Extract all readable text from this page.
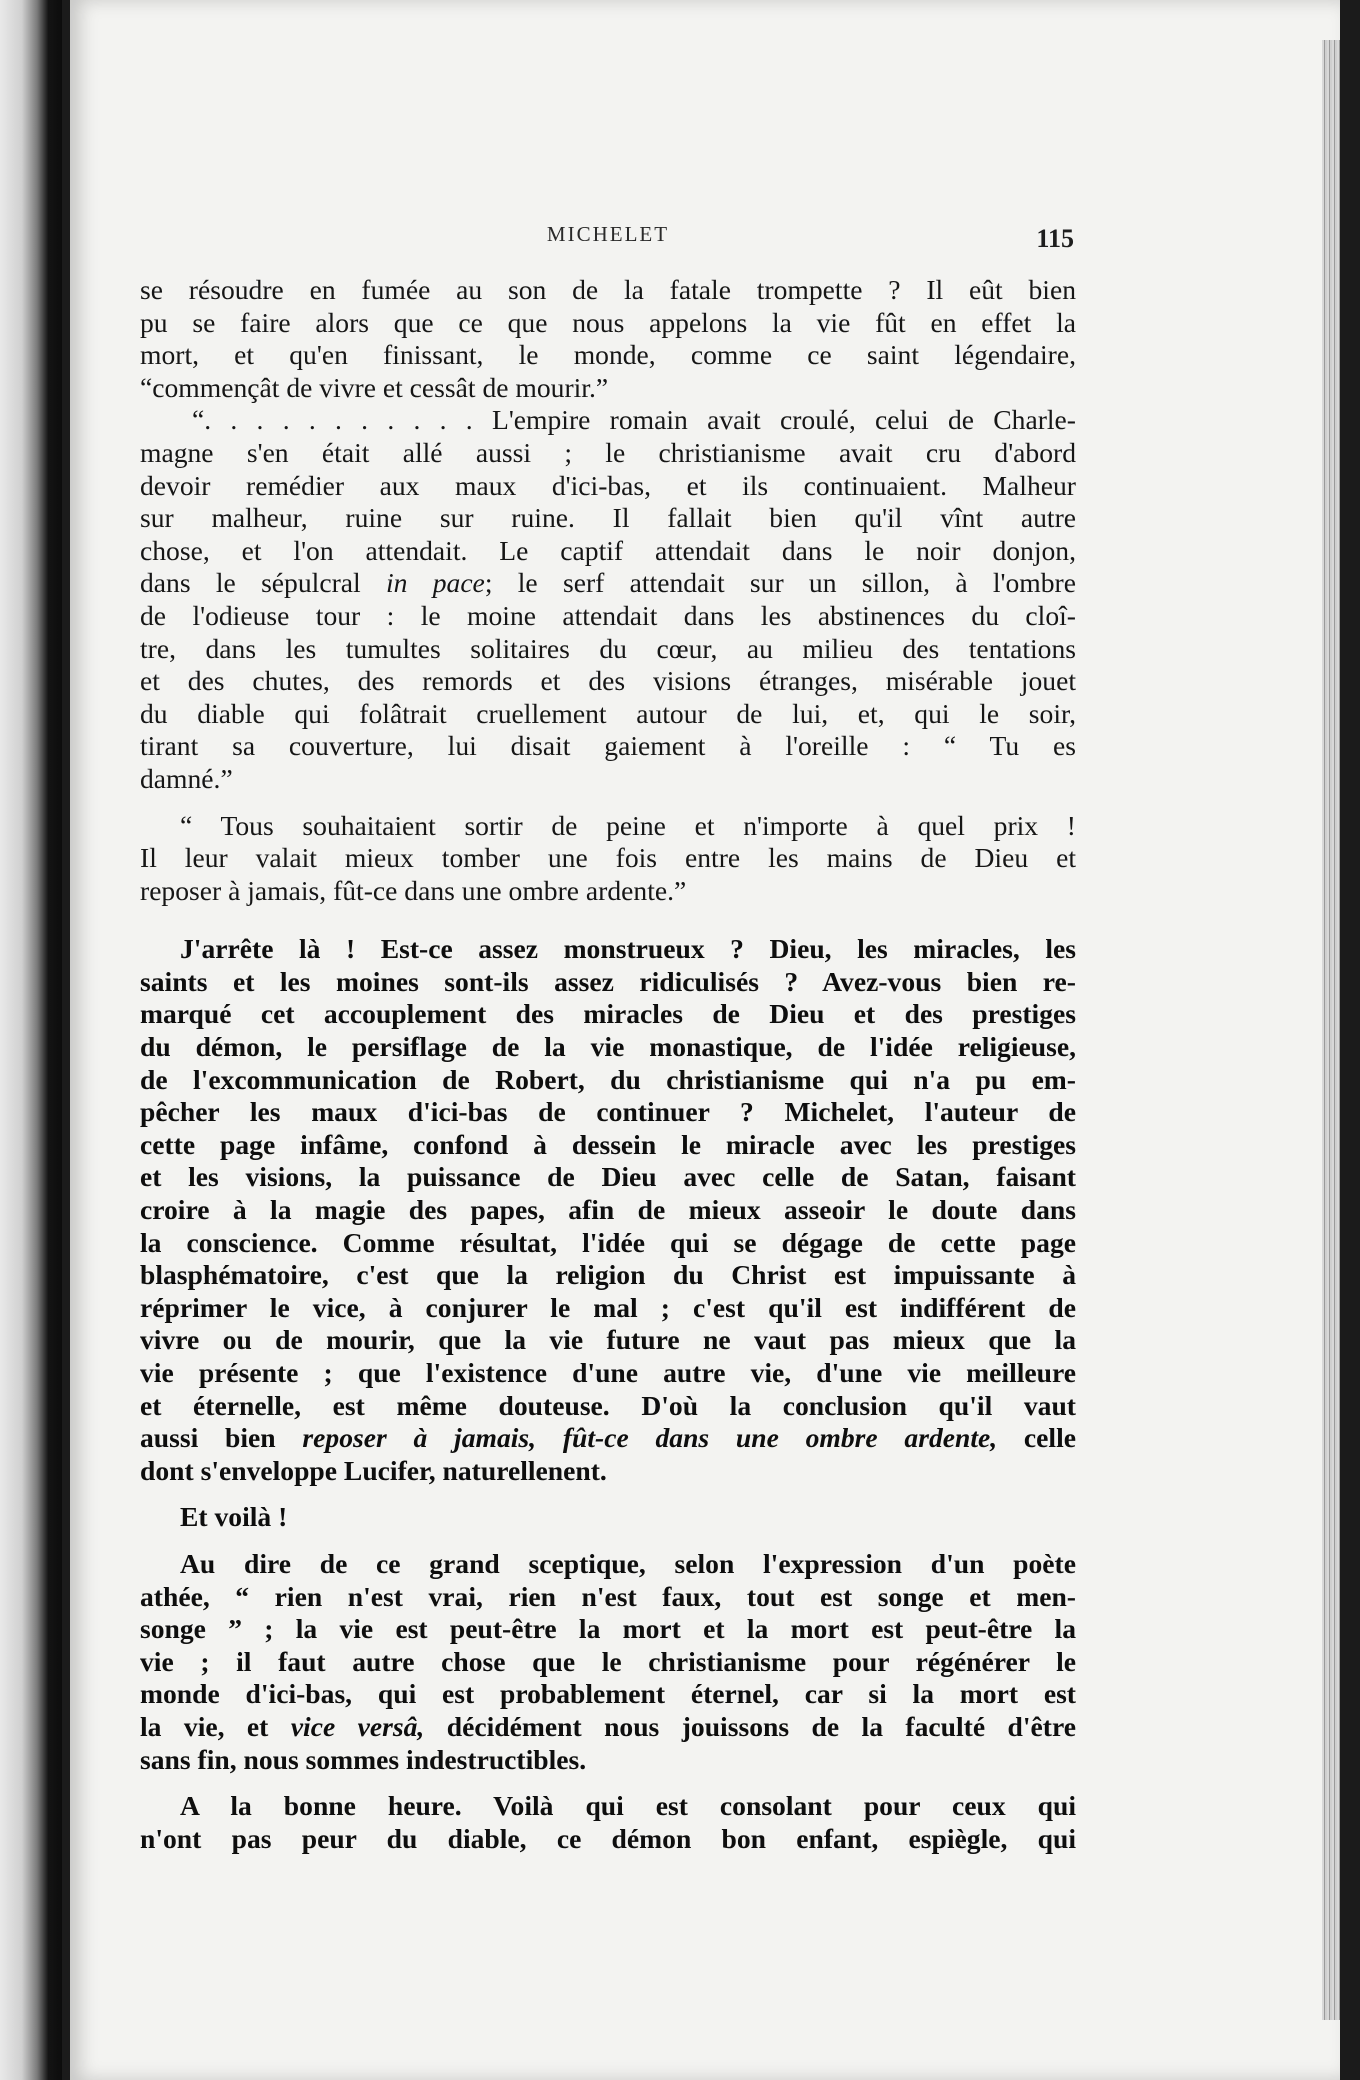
MICHELET	115
se résoudre en fumée au son de la fatale trompette ? Il eût bien
pu se faire alors que ce que nous appelons la vie fût en effet la
mort, et qu'en finissant, le monde, comme ce saint légendaire,
“commençât de vivre et cessât de mourir.”
“. . . . . . . . . . . L'empire romain avait croulé, celui de Charle-
magne s'en était allé aussi ; le christianisme avait cru d'abord
devoir remédier aux maux d'ici-bas, et ils continuaient. Malheur
sur malheur, ruine sur ruine. Il fallait bien qu'il vînt autre
chose, et l'on attendait. Le captif attendait dans le noir donjon,
dans le sépulcral in pace; le serf attendait sur un sillon, à l'ombre
de l'odieuse tour : le moine attendait dans les abstinences du cloî-
tre, dans les tumultes solitaires du cœur, au milieu des tentations
et des chutes, des remords et des visions étranges, misérable jouet
du diable qui folâtrait cruellement autour de lui, et, qui le soir,
tirant sa couverture, lui disait gaiement à l'oreille : “ Tu es
damné.”
“ Tous souhaitaient sortir de peine et n'importe à quel prix !
Il leur valait mieux tomber une fois entre les mains de Dieu et
reposer à jamais, fût-ce dans une ombre ardente.”
J'arrête là ! Est-ce assez monstrueux ? Dieu, les miracles, les
saints et les moines sont-ils assez ridiculisés ? Avez-vous bien re-
marqué cet accouplement des miracles de Dieu et des prestiges
du démon, le persiflage de la vie monastique, de l'idée religieuse,
de l'excommunication de Robert, du christianisme qui n'a pu em-
pêcher les maux d'ici-bas de continuer ? Michelet, l'auteur de
cette page infâme, confond à dessein le miracle avec les prestiges
et les visions, la puissance de Dieu avec celle de Satan, faisant
croire à la magie des papes, afin de mieux asseoir le doute dans
la conscience. Comme résultat, l'idée qui se dégage de cette page
blasphématoire, c'est que la religion du Christ est impuissante à
réprimer le vice, à conjurer le mal ; c'est qu'il est indifférent de
vivre ou de mourir, que la vie future ne vaut pas mieux que la
vie présente ; que l'existence d'une autre vie, d'une vie meilleure
et éternelle, est même douteuse. D'où la conclusion qu'il vaut
aussi bien reposer à jamais, fût-ce dans une ombre ardente, celle
dont s'enveloppe Lucifer, naturellenent.
Et voilà !
Au dire de ce grand sceptique, selon l'expression d'un poète
athée, “ rien n'est vrai, rien n'est faux, tout est songe et men-
songe ” ; la vie est peut-être la mort et la mort est peut-être la
vie ; il faut autre chose que le christianisme pour régénérer le
monde d'ici-bas, qui est probablement éternel, car si la mort est
la vie, et vice versâ, décidément nous jouissons de la faculté d'être
sans fin, nous sommes indestructibles.
A la bonne heure. Voilà qui est consolant pour ceux qui
n'ont pas peur du diable, ce démon bon enfant, espiègle, qui
